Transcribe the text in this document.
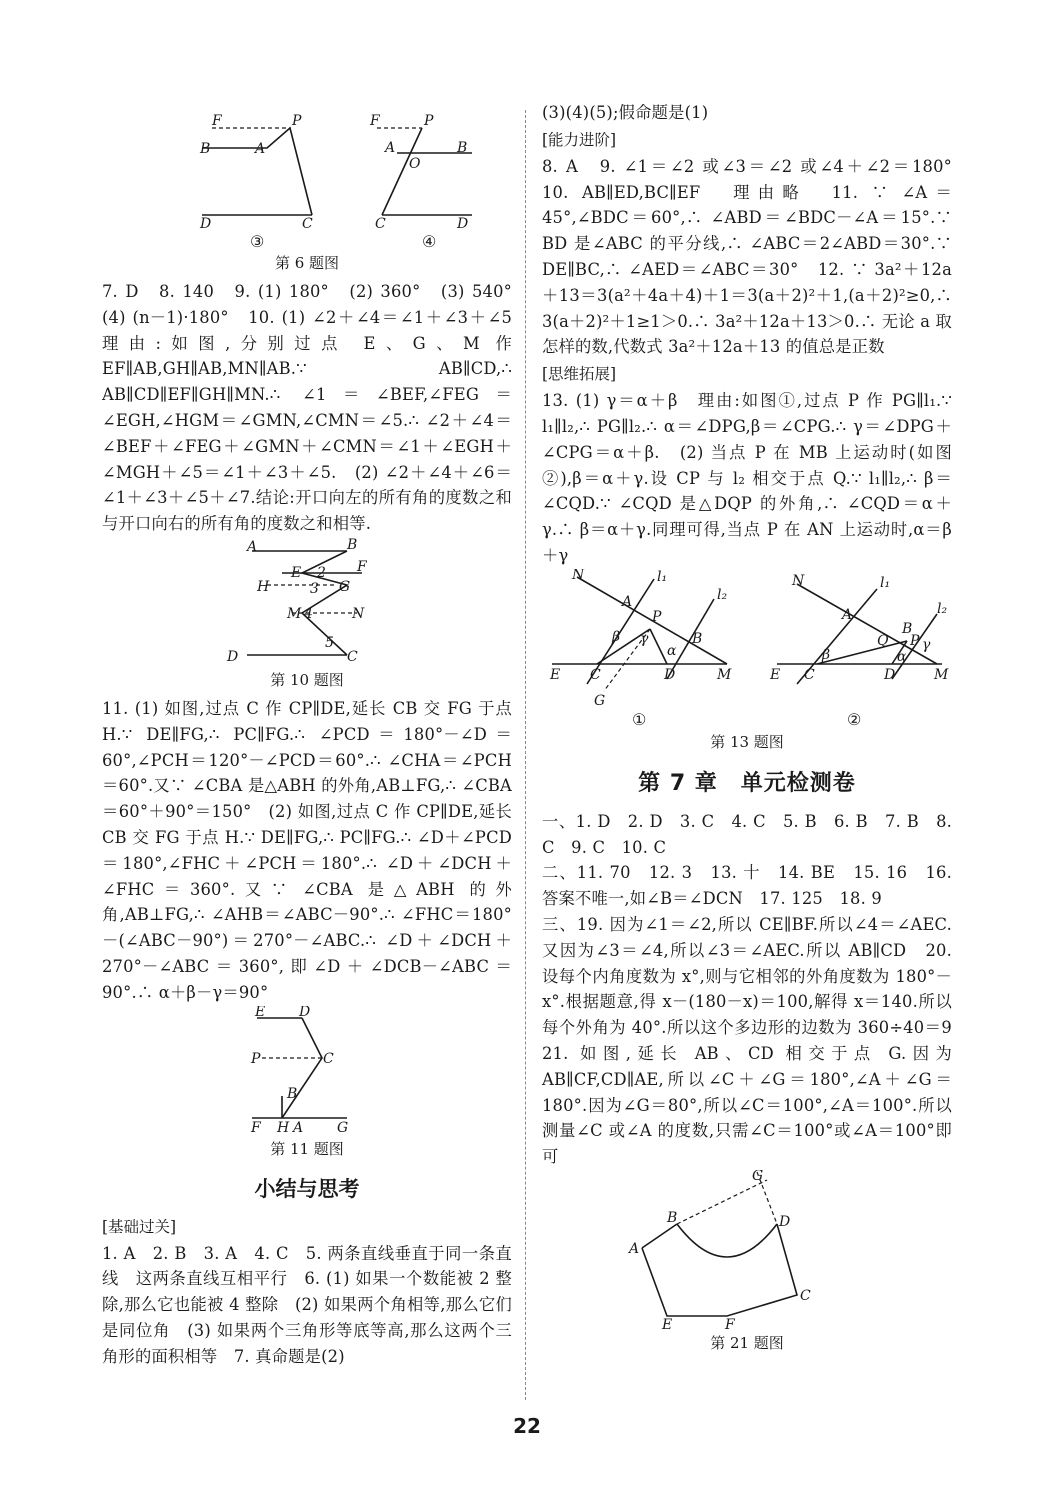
F	P
B	A
D	C
③
F	P
A
O
B
C	D
④
第 6 题图

7. D　8. 140　9. (1) 180°　(2) 360°　(3) 540°　(4) (n－1)·180°　10. (1) ∠2＋∠4＝∠1＋∠3＋∠5　理由:如图,分别过点 E、G、M 作 EF∥AB,GH∥AB,MN∥AB.∵ AB∥CD,∴ AB∥CD∥EF∥GH∥MN.∴ ∠1＝∠BEF,∠FEG＝∠EGH,∠HGM＝∠GMN,∠CMN＝∠5.∴ ∠2＋∠4＝∠BEF＋∠FEG＋∠GMN＋∠CMN＝∠1＋∠EGH＋∠MGH＋∠5＝∠1＋∠3＋∠5.　(2) ∠2＋∠4＋∠6＝∠1＋∠3＋∠5＋∠7.结论:开口向左的所有角的度数之和与开口向右的所有角的度数之和相等.

A	B
E 2 F
H	3 G
M 4	N
D
5
C
第 10 题图

11. (1) 如图,过点 C 作 CP∥DE,延长 CB 交 FG 于点 H.∵ DE∥FG,∴ PC∥FG.∴ ∠PCD＝180°－∠D＝60°,∠PCH＝120°－∠PCD＝60°.∴ ∠CHA＝∠PCH＝60°.又∵ ∠CBA 是△ABH 的外角,AB⊥FG,∴ ∠CBA＝60°＋90°＝150°　(2) 如图,过点 C 作 CP∥DE,延长 CB 交 FG 于点 H.∵ DE∥FG,∴ PC∥FG.∴ ∠D＋∠PCD＝180°,∠FHC＋∠PCH＝180°.∴ ∠D＋∠DCH＋∠FHC＝360°.又∵ ∠CBA 是△ABH 的外角,AB⊥FG,∴ ∠AHB＝∠ABC－90°.∴ ∠FHC＝180°－(∠ABC－90°)＝270°－∠ABC.∴ ∠D＋∠DCH＋270°－∠ABC＝360°,即∠D＋∠DCB－∠ABC＝90°.∴ α＋β－γ＝90°

E D
P	C
B
F H A G
第 11 题图
小结与思考
[基础过关]

1. A　2. B　3. A　4. C　5. 两条直线垂直于同一条直线　这两条直线互相平行　6. (1) 如果一个数能被 2 整除,那么它也能被 4 整除　(2) 如果两个角相等,那么它们是同位角　(3) 如果两个三角形等底等高,那么这两个三角形的面积相等　7. 真命题是(2)

(3)(4)(5);假命题是(1)

[能力进阶]

8. A　9. ∠1＝∠2 或∠3＝∠2 或∠4＋∠2＝180°　10. AB∥ED,BC∥EF　理由略　11. ∵ ∠A＝45°,∠BDC＝60°,∴ ∠ABD＝∠BDC－∠A＝15°.∵ BD 是∠ABC 的平分线,∴ ∠ABC＝2∠ABD＝30°.∵ DE∥BC,∴ ∠AED＝∠ABC＝30°　12. ∵ 3a²＋12a＋13＝3(a²＋4a＋4)＋1＝3(a＋2)²＋1,(a＋2)²≥0,∴ 3(a＋2)²＋1≥1＞0.∴ 3a²＋12a＋13＞0.∴ 无论 a 取怎样的数,代数式 3a²＋12a＋13 的值总是正数

[思维拓展]

13. (1) γ＝α＋β　理由:如图①,过点 P 作 PG∥l₁.∵ l₁∥l₂,∴ PG∥l₂.∴ α＝∠DPG,β＝∠CPG.∴ γ＝∠DPG＋∠CPG＝α＋β.　(2) 当点 P 在 MB 上运动时(如图②),β＝α＋γ.设 CP 与 l₂ 相交于点 Q.∵ l₁∥l₂,∴ β＝∠CQD.∵ ∠CQD 是△DQP 的外角,∴ ∠CQD＝α＋γ.∴ β＝α＋γ.同理可得,当点 P 在 AN 上运动时,α＝β＋γ

N	l₁
l₂
A
P
B
β γ
α
E C	D	M
G
①
N	l₁
l₂
A
B
Q P γ
β	α
E C	D	M
②
第 13 题图
第 7 章　单元检测卷

一、1. D　2. D　3. C　4. C　5. B　6. B　7. B　8. C　9. C　10. C

二、11. 70　12. 3　13. 十　14. BE　15. 16　16. 答案不唯一,如∠B＝∠DCN　17. 125　18. 9

三、19. 因为∠1＝∠2,所以 CE∥BF.所以∠4＝∠AEC.又因为∠3＝∠4,所以∠3＝∠AEC.所以 AB∥CD　20. 设每个内角度数为 x°,则与它相邻的外角度数为 180°－x°.根据题意,得 x－(180－x)＝100,解得 x＝140.所以每个外角为 40°.所以这个多边形的边数为 360÷40＝9　21. 如图,延长 AB、CD 相交于点 G.因为 AB∥CF,CD∥AE,所以∠C＋∠G＝180°,∠A＋∠G＝180°.因为∠G＝80°,所以∠C＝100°,∠A＝100°.所以测量∠C 或∠A 的度数,只需∠C＝100°或∠A＝100°即可

G
B	D
A
C
E	F
第 21 题图
22
